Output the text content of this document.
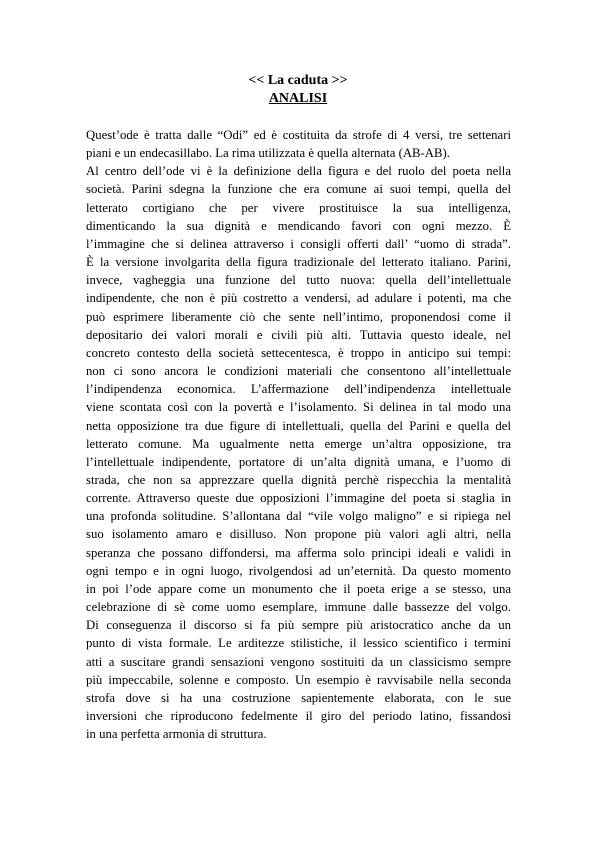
<< La caduta >>
ANALISI

Quest’ode è tratta dalle “Odi” ed è costituita da strofe di 4 versi, tre settenari
piani e un endecasillabo. La rima utilizzata è quella alternata (AB-AB).

Al centro dell’ode vi è la definizione della figura e del ruolo del poeta nella
società. Parini sdegna la funzione che era comune ai suoi tempi, quella del
letterato cortigiano che per vivere prostituisce la sua intelligenza,
dimenticando la sua dignità e mendicando favori con ogni mezzo. È
l’immagine che si delinea attraverso i consigli offerti dall’ “uomo di strada”.
È la versione involgarita della figura tradizionale del letterato italiano. Parini,
invece, vagheggia una funzione del tutto nuova: quella dell’intellettuale
indipendente, che non è più costretto a vendersi, ad adulare i potenti, ma che
può esprimere liberamente ciò che sente nell’intimo, proponendosi come il
depositario dei valori morali e civili più alti. Tuttavia questo ideale, nel
concreto contesto della società settecentesca, è troppo in anticipo sui tempi:
non ci sono ancora le condizioni materiali che consentono all’intellettuale
l’indipendenza economica. L’affermazione dell’indipendenza intellettuale
viene scontata così con la povertà e l’isolamento. Si delinea in tal modo una
netta opposizione tra due figure di intellettuali, quella del Parini e quella del
letterato comune. Ma ugualmente netta emerge un’altra opposizione, tra
l’intellettuale indipendente, portatore di un’alta dignità umana, e l’uomo di
strada, che non sa apprezzare quella dignità perchè rispecchia la mentalità
corrente. Attraverso queste due opposizioni l’immagine del poeta si staglia in
una profonda solitudine. S’allontana dal “vile volgo maligno” e si ripiega nel
suo isolamento amaro e disilluso. Non propone più valori agli altri, nella
speranza che possano diffondersi, ma afferma solo principi ideali e validi in
ogni tempo e in ogni luogo, rivolgendosi ad un’eternità. Da questo momento
in poi l’ode appare come un monumento che il poeta erige a se stesso, una
celebrazione di sè come uomo esemplare, immune dalle bassezze del volgo.
Di conseguenza il discorso si fa più sempre più aristocratico anche da un
punto di vista formale. Le arditezze stilistiche, il lessico scientifico i termini
atti a suscitare grandi sensazioni vengono sostituiti da un classicismo sempre
più impeccabile, solenne e composto. Un esempio è ravvisabile nella seconda
strofa dove si ha una costruzione sapientemente elaborata, con le sue
inversioni che riproducono fedelmente il giro del periodo latino, fissandosi
in una perfetta armonia di struttura.
